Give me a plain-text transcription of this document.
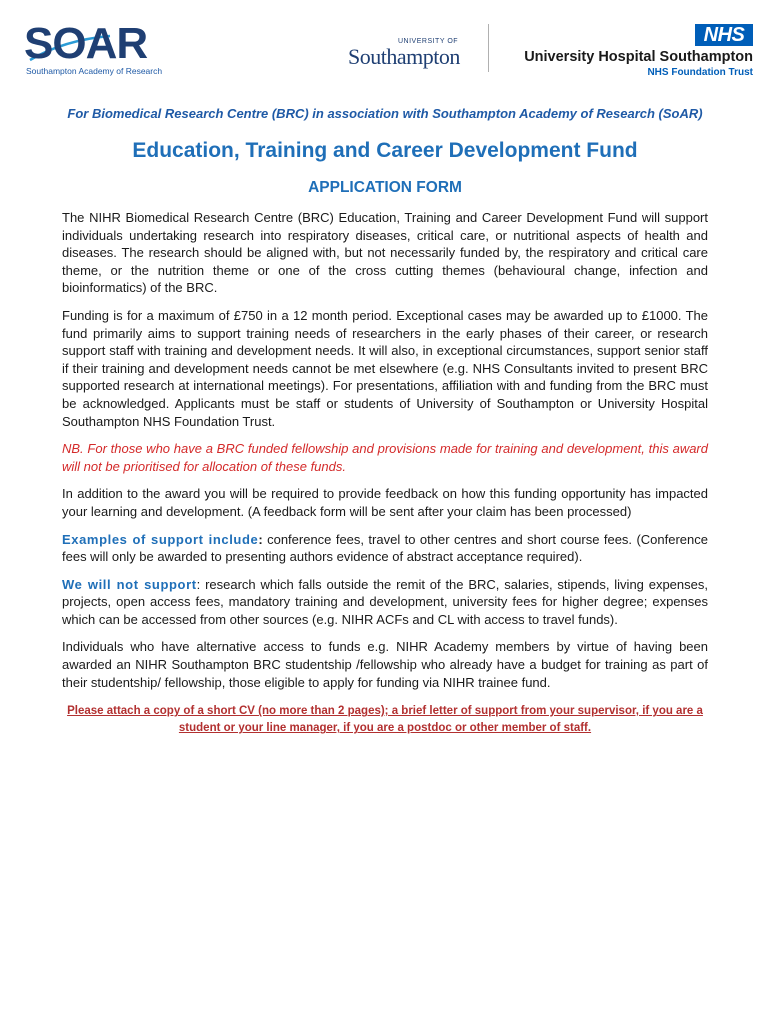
SOAR
Southampton Academy of Research
UNIVERSITY OF
Southampton
NHS
University Hospital Southampton
NHS Foundation Trust

For Biomedical Research Centre (BRC) in association with Southampton Academy of Research (SoAR)

Education, Training and Career Development Fund
APPLICATION FORM

The NIHR Biomedical Research Centre (BRC) Education, Training and Career Development Fund will support individuals undertaking research into respiratory diseases, critical care, or nutritional aspects of health and diseases. The research should be aligned with, but not necessarily funded by, the respiratory and critical care theme, or the nutrition theme or one of the cross cutting themes (behavioural change, infection and bioinformatics) of the BRC.

Funding is for a maximum of £750 in a 12 month period. Exceptional cases may be awarded up to £1000. The fund primarily aims to support training needs of researchers in the early phases of their career, or research support staff with training and development needs. It will also, in exceptional circumstances, support senior staff if their training and development needs cannot be met elsewhere (e.g. NHS Consultants invited to present BRC supported research at international meetings). For presentations, affiliation with and funding from the BRC must be acknowledged. Applicants must be staff or students of University of Southampton or University Hospital Southampton NHS Foundation Trust.

NB. For those who have a BRC funded fellowship and provisions made for training and development, this award will not be prioritised for allocation of these funds.

In addition to the award you will be required to provide feedback on how this funding opportunity has impacted your learning and development. (A feedback form will be sent after your claim has been processed)

Examples of support include: conference fees, travel to other centres and short course fees. (Conference fees will only be awarded to presenting authors evidence of abstract acceptance required).

We will not support: research which falls outside the remit of the BRC, salaries, stipends, living expenses, projects, open access fees, mandatory training and development, university fees for higher degree; expenses which can be accessed from other sources (e.g. NIHR ACFs and CL with access to travel funds).

Individuals who have alternative access to funds e.g. NIHR Academy members by virtue of having been awarded an NIHR Southampton BRC studentship /fellowship who already have a budget for training as part of their studentship/ fellowship, those eligible to apply for funding via NIHR trainee fund.

Please attach a copy of a short CV (no more than 2 pages); a brief letter of support from your supervisor, if you are a student or your line manager, if you are a postdoc or other member of staff.
